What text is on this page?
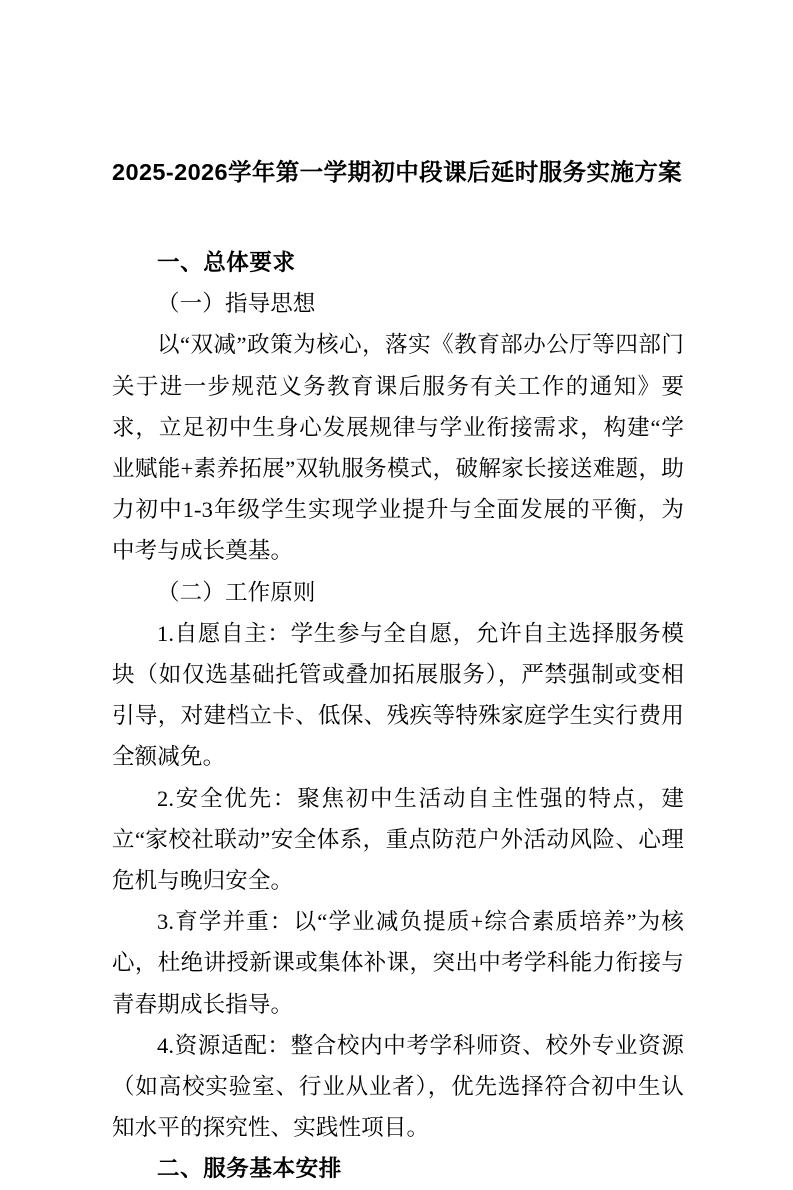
2025-2026学年第一学期初中段课后延时服务实施方案

一、总体要求

（一）指导思想

以“双减”政策为核心，落实《教育部办公厅等四部门关于进一步规范义务教育课后服务有关工作的通知》要求，立足初中生身心发展规律与学业衔接需求，构建“学业赋能+素养拓展”双轨服务模式，破解家长接送难题，助力初中1-3年级学生实现学业提升与全面发展的平衡，为中考与成长奠基。

（二）工作原则

1.自愿自主：学生参与全自愿，允许自主选择服务模块（如仅选基础托管或叠加拓展服务），严禁强制或变相引导，对建档立卡、低保、残疾等特殊家庭学生实行费用全额减免。

2.安全优先：聚焦初中生活动自主性强的特点，建立“家校社联动”安全体系，重点防范户外活动风险、心理危机与晚归安全。

3.育学并重：以“学业减负提质+综合素质培养”为核心，杜绝讲授新课或集体补课，突出中考学科能力衔接与青春期成长指导。

4.资源适配：整合校内中考学科师资、校外专业资源（如高校实验室、行业从业者），优先选择符合初中生认知水平的探究性、实践性项目。

二、服务基本安排
